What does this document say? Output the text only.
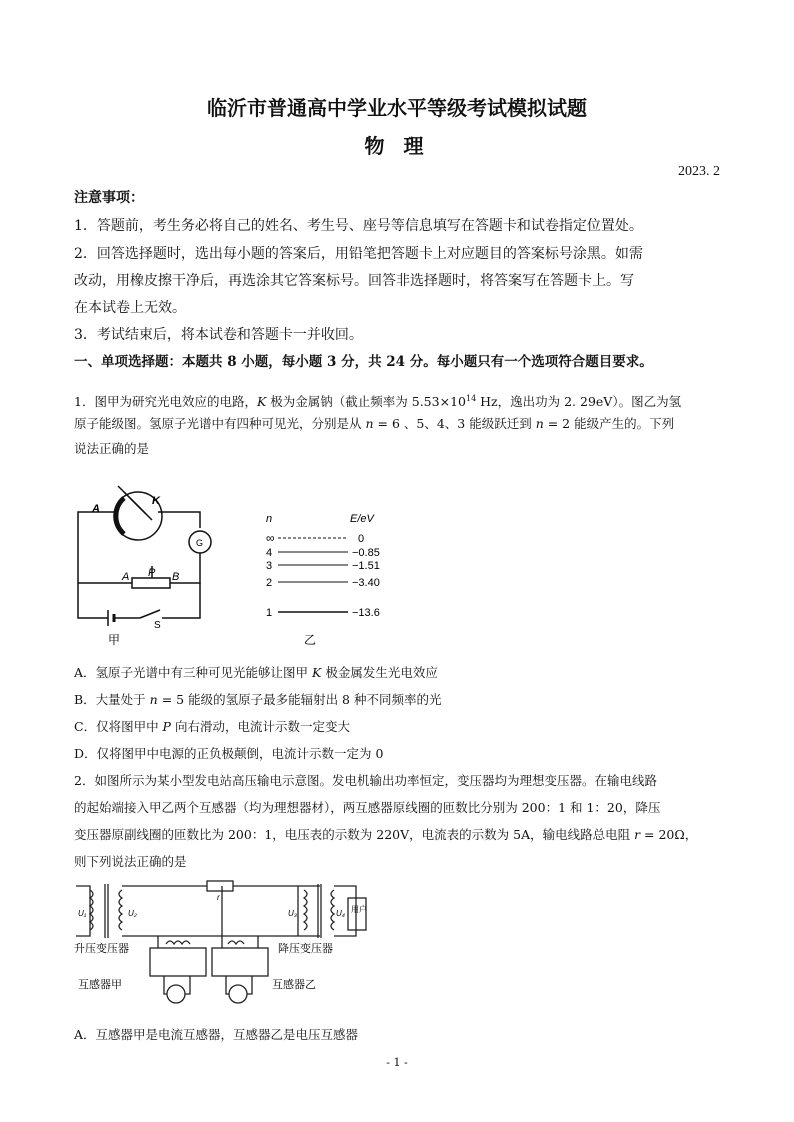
临沂市普通高中学业水平等级考试模拟试题
物 理
2023. 2
注意事项：
1．答题前，考生务必将自己的姓名、考生号、座号等信息填写在答题卡和试卷指定位置处。
2．回答选择题时，选出每小题的答案后，用铅笔把答题卡上对应题目的答案标号涂黑。如需
改动，用橡皮擦干净后，再选涂其它答案标号。回答非选择题时，将答案写在答题卡上。写
在本试卷上无效。
3．考试结束后，将本试卷和答题卡一并收回。
一、单项选择题：本题共 8 小题，每小题 3 分，共 24 分。每小题只有一个选项符合题目要求。
1．图甲为研究光电效应的电路，K 极为金属钠（截止频率为 $5.53\times 10^{14}$ Hz，逸出功为 2. 29eV）。图乙为氢
原子能级图。氢原子光谱中有四种可见光，分别是从 n = 6 、5、4、3 能级跃迁到 n = 2 能级产生的。下列
说法正确的是
A
K
G
A P B
S
甲
n	E/eV
∞	0
4	−0.85
3	−1.51
2	−3.40
1	−13.6
乙
A．氢原子光谱中有三种可见光能够让图甲 K 极金属发生光电效应
B．大量处于 n = 5 能级的氢原子最多能辐射出 8 种不同频率的光
C．仅将图甲中 P 向右滑动，电流计示数一定变大
D．仅将图甲中电源的正负极颠倒，电流计示数一定为 0
2．如图所示为某小型发电站高压输电示意图。发电机输出功率恒定，变压器均为理想变压器。在输电线路
的起始端接入甲乙两个互感器（均为理想器材），两互感器原线圈的匝数比分别为 200：1 和 1：20，降压
变压器原副线圈的匝数比为 200：1，电压表的示数为 220V，电流表的示数为 5A，输电线路总电阻 r = 20Ω，
则下列说法正确的是
U₁	U₂
r
U₃	U₄ 用户
升压变压器	降压变压器
互感器甲	互感器乙
A．互感器甲是电流互感器，互感器乙是电压互感器
- 1 -
